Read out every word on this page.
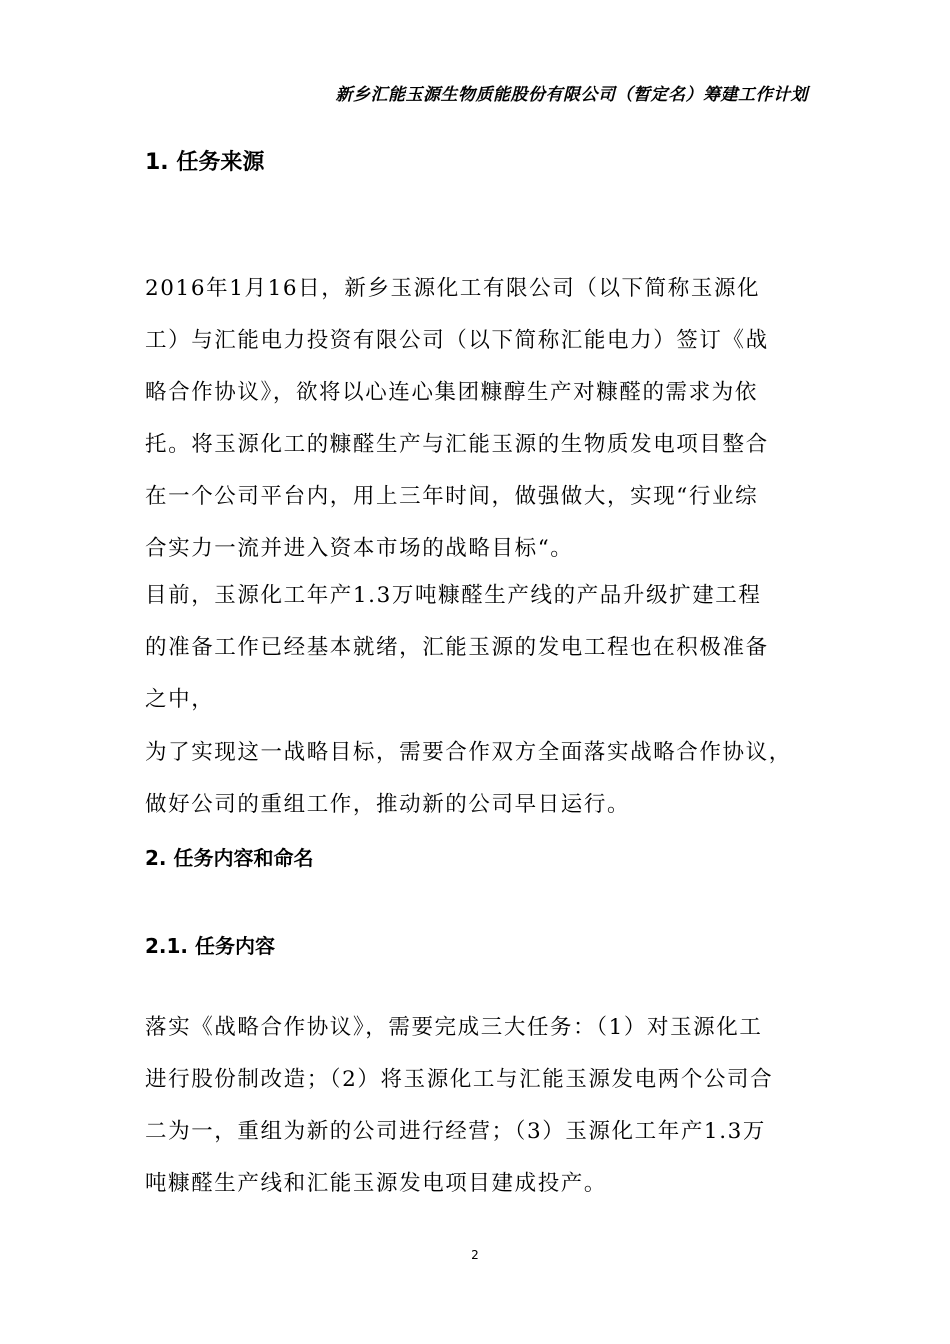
新乡汇能玉源生物质能股份有限公司（暂定名）筹建工作计划
1. 任务来源
2016年1月16日，新乡玉源化工有限公司（以下简称玉源化
工）与汇能电力投资有限公司（以下简称汇能电力）签订《战
略合作协议》，欲将以心连心集团糠醇生产对糠醛的需求为依
托。将玉源化工的糠醛生产与汇能玉源的生物质发电项目整合
在一个公司平台内，用上三年时间，做强做大，实现“行业综
合实力一流并进入资本市场的战略目标“。
目前，玉源化工年产1.3万吨糠醛生产线的产品升级扩建工程
的准备工作已经基本就绪，汇能玉源的发电工程也在积极准备
之中，
为了实现这一战略目标，需要合作双方全面落实战略合作协议，
做好公司的重组工作，推动新的公司早日运行。
2. 任务内容和命名
2.1. 任务内容
落实《战略合作协议》，需要完成三大任务：（1）对玉源化工
进行股份制改造；（2）将玉源化工与汇能玉源发电两个公司合
二为一，重组为新的公司进行经营；（3）玉源化工年产1.3万
吨糠醛生产线和汇能玉源发电项目建成投产。
2
